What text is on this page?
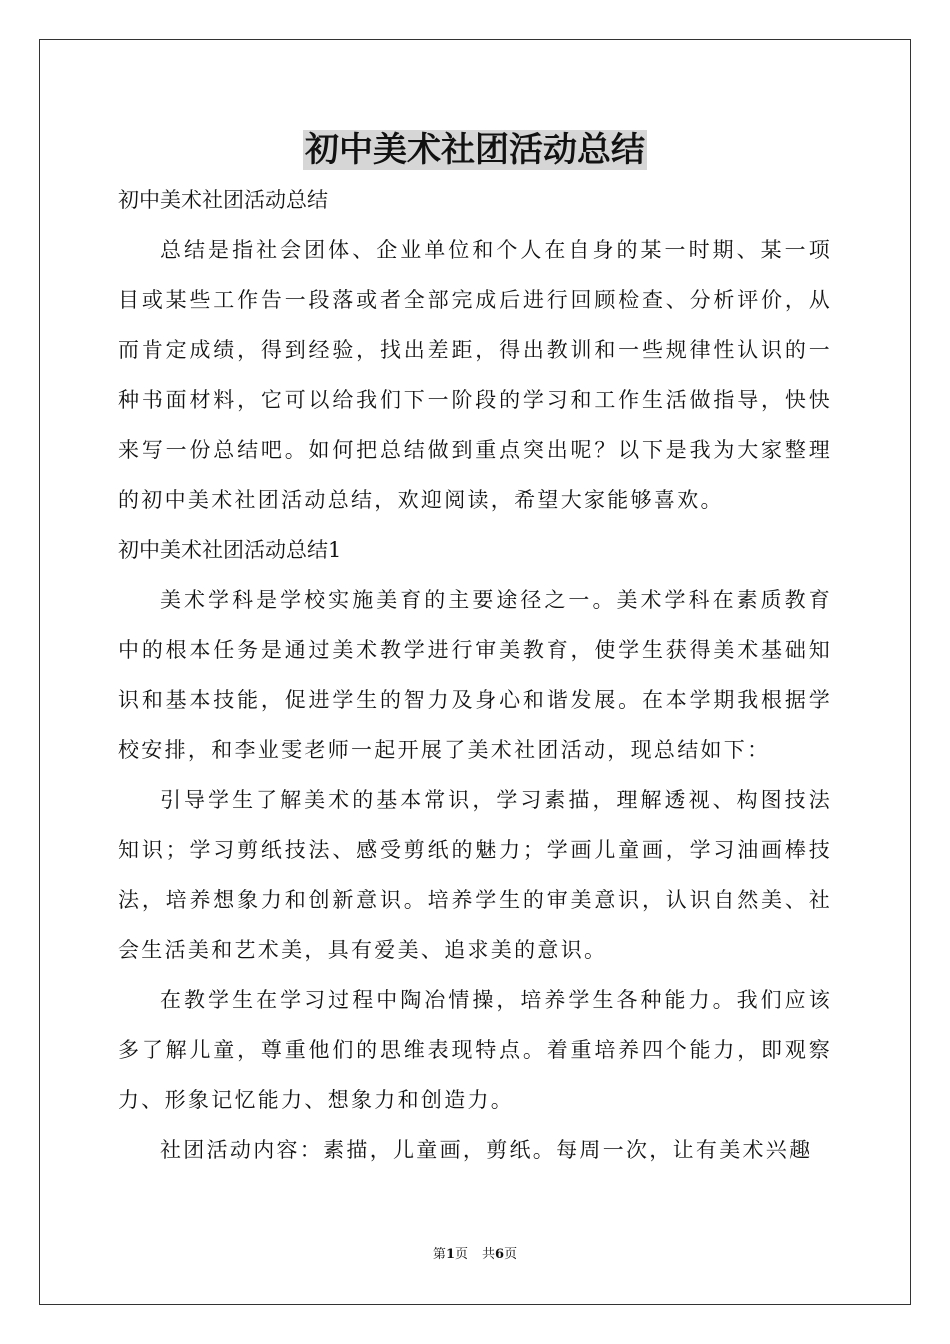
初中美术社团活动总结

初中美术社团活动总结

总结是指社会团体、企业单位和个人在自身的某一时期、某一项目或某些工作告一段落或者全部完成后进行回顾检查、分析评价，从而肯定成绩，得到经验，找出差距，得出教训和一些规律性认识的一种书面材料，它可以给我们下一阶段的学习和工作生活做指导，快快来写一份总结吧。如何把总结做到重点突出呢？以下是我为大家整理的初中美术社团活动总结，欢迎阅读，希望大家能够喜欢。

初中美术社团活动总结1

美术学科是学校实施美育的主要途径之一。美术学科在素质教育中的根本任务是通过美术教学进行审美教育，使学生获得美术基础知识和基本技能，促进学生的智力及身心和谐发展。在本学期我根据学校安排，和李业雯老师一起开展了美术社团活动，现总结如下：

引导学生了解美术的基本常识，学习素描，理解透视、构图技法知识；学习剪纸技法、感受剪纸的魅力；学画儿童画，学习油画棒技法，培养想象力和创新意识。培养学生的审美意识，认识自然美、社会生活美和艺术美，具有爱美、追求美的意识。

在教学生在学习过程中陶冶情操，培养学生各种能力。我们应该多了解儿童，尊重他们的思维表现特点。着重培养四个能力，即观察力、形象记忆能力、想象力和创造力。

社团活动内容：素描，儿童画，剪纸。每周一次，让有美术兴趣

第1页 共6页
